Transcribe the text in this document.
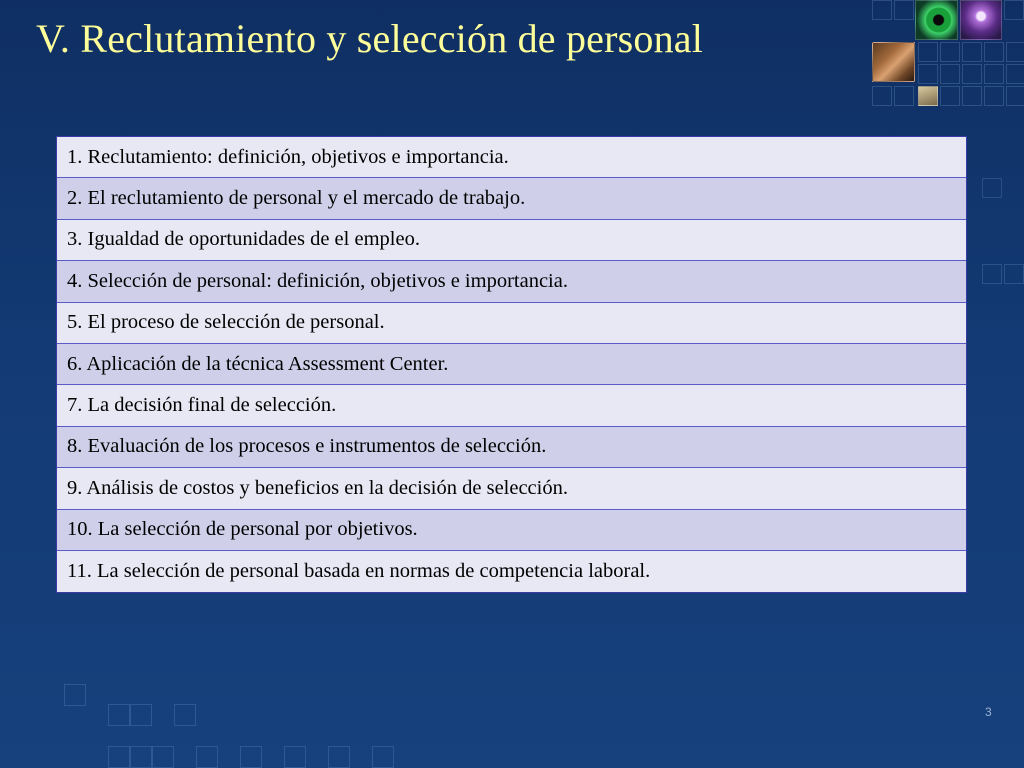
V. Reclutamiento y selección de personal
1. Reclutamiento: definición, objetivos e importancia.
2. El reclutamiento de personal y el mercado de trabajo.
3. Igualdad de oportunidades de el empleo.
4. Selección de personal: definición, objetivos e importancia.
5. El proceso de selección de personal.
6. Aplicación de la técnica Assessment Center.
7. La decisión final de selección.
8. Evaluación de los procesos e instrumentos de selección.
9. Análisis de costos y beneficios en la decisión de selección.
10. La selección de personal por objetivos.
11. La selección de personal basada en normas de competencia laboral.
3
